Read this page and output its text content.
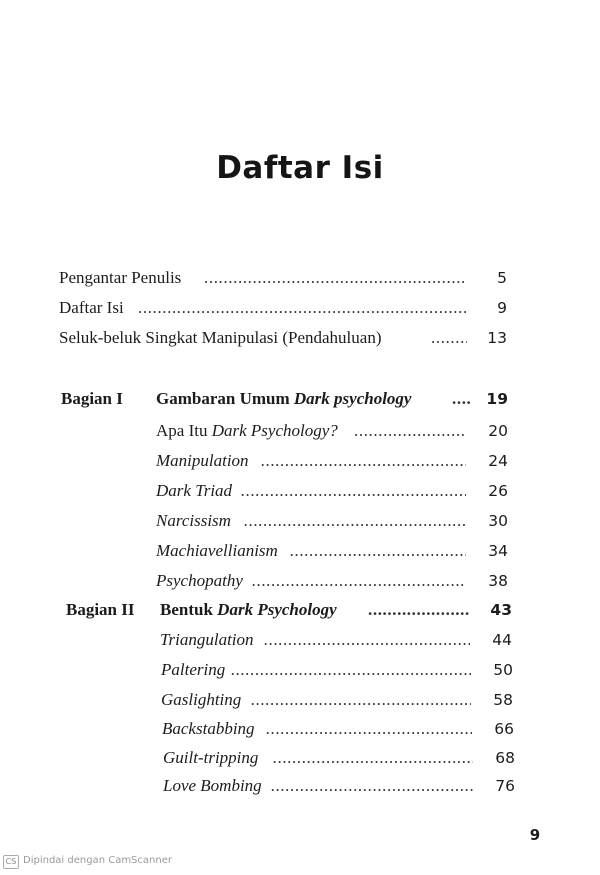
Daftar Isi
Pengantar Penulis .....	5
Daftar Isi .....	9
Seluk-beluk Singkat Manipulasi (Pendahuluan) .....	13
Bagian I Gambaran Umum Dark psychology .....	19
Apa Itu Dark Psychology? .....	20
Manipulation .....	24
Dark Triad .....	26
Narcissism .....	30
Machiavellianism .....	34
Psychopathy .....	38
Bagian II Bentuk Dark Psychology .....	43
Triangulation .....	44
Paltering .....	50
Gaslighting .....	58
Backstabbing .....	66
Guilt-tripping .....	68
Love Bombing .....	76
9
CS Dipindai dengan CamScanner
